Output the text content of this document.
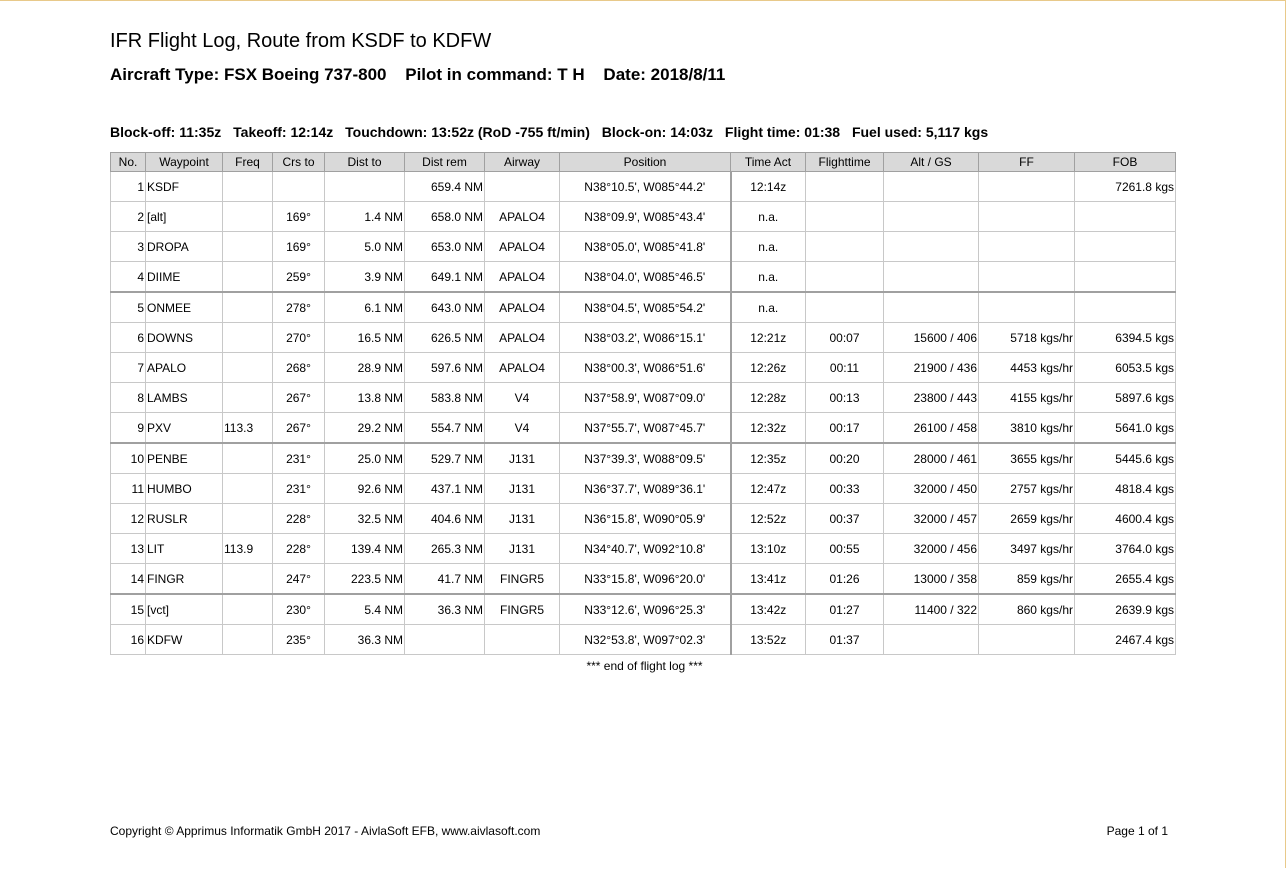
IFR Flight Log, Route from KSDF to KDFW
Aircraft Type: FSX Boeing 737-800 Pilot in command: T H Date: 2018/8/11
Block-off: 11:35z Takeoff: 12:14z Touchdown: 13:52z (RoD -755 ft/min) Block-on: 14:03z Flight time: 01:38 Fuel used: 5,117 kgs
No.	Waypoint	Freq	Crs to	Dist to	Dist rem	Airway	Position	Time Act	Flighttime	Alt / GS	FF	FOB
1	KSDF				659.4 NM		N38°10.5', W085°44.2'	12:14z				7261.8 kgs
2	[alt]		169°	1.4 NM	658.0 NM	APALO4	N38°09.9', W085°43.4'	n.a.				
3	DROPA		169°	5.0 NM	653.0 NM	APALO4	N38°05.0', W085°41.8'	n.a.				
4	DIIME		259°	3.9 NM	649.1 NM	APALO4	N38°04.0', W085°46.5'	n.a.				
5	ONMEE		278°	6.1 NM	643.0 NM	APALO4	N38°04.5', W085°54.2'	n.a.				
6	DOWNS		270°	16.5 NM	626.5 NM	APALO4	N38°03.2', W086°15.1'	12:21z	00:07	15600 / 406	5718 kgs/hr	6394.5 kgs
7	APALO		268°	28.9 NM	597.6 NM	APALO4	N38°00.3', W086°51.6'	12:26z	00:11	21900 / 436	4453 kgs/hr	6053.5 kgs
8	LAMBS		267°	13.8 NM	583.8 NM	V4	N37°58.9', W087°09.0'	12:28z	00:13	23800 / 443	4155 kgs/hr	5897.6 kgs
9	PXV	113.3	267°	29.2 NM	554.7 NM	V4	N37°55.7', W087°45.7'	12:32z	00:17	26100 / 458	3810 kgs/hr	5641.0 kgs
10	PENBE		231°	25.0 NM	529.7 NM	J131	N37°39.3', W088°09.5'	12:35z	00:20	28000 / 461	3655 kgs/hr	5445.6 kgs
11	HUMBO		231°	92.6 NM	437.1 NM	J131	N36°37.7', W089°36.1'	12:47z	00:33	32000 / 450	2757 kgs/hr	4818.4 kgs
12	RUSLR		228°	32.5 NM	404.6 NM	J131	N36°15.8', W090°05.9'	12:52z	00:37	32000 / 457	2659 kgs/hr	4600.4 kgs
13	LIT	113.9	228°	139.4 NM	265.3 NM	J131	N34°40.7', W092°10.8'	13:10z	00:55	32000 / 456	3497 kgs/hr	3764.0 kgs
14	FINGR		247°	223.5 NM	41.7 NM	FINGR5	N33°15.8', W096°20.0'	13:41z	01:26	13000 / 358	859 kgs/hr	2655.4 kgs
15	[vct]		230°	5.4 NM	36.3 NM	FINGR5	N33°12.6', W096°25.3'	13:42z	01:27	11400 / 322	860 kgs/hr	2639.9 kgs
16	KDFW		235°	36.3 NM			N32°53.8', W097°02.3'	13:52z	01:37			2467.4 kgs
*** end of flight log ***
Copyright © Apprimus Informatik GmbH 2017 - AivlaSoft EFB, www.aivlasoft.com	Page 1 of 1
